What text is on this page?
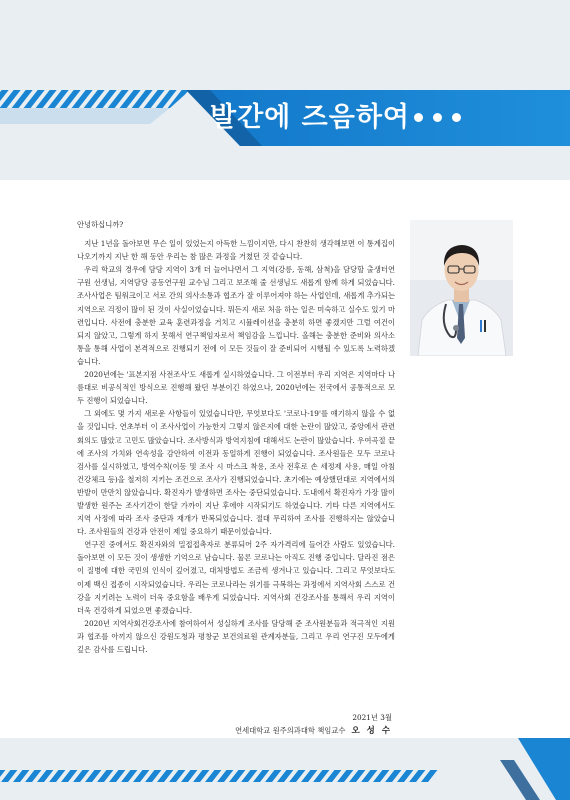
발간에 즈음하여

안녕하십니까?

지난 1년을 돌아보면 무슨 일이 있었는지 아득한 느낌이지만, 다시 찬찬히 생각해보면 이 통계집이 나오기까지 지난 한 해 동안 우리는 참 많은 과정을 거쳤던 것 같습니다.

우리 학교의 경우에 담당 지역이 3개 더 늘어나면서 그 지역(강릉, 동해, 삼척)을 담당할 출생터연구원 선생님, 지역담당 공동연구원 교수님 그리고 보조해 줄 선생님도 새롭게 함께 하게 되었습니다. 조사사업은 팀워크이고 서로 간의 의사소통과 협조가 잘 이루어져야 하는 사업인데, 새롭게 추가되는 지역으로 걱정이 많이 된 것이 사실이었습니다. 뭐든지 새로 처음 하는 일은 미숙하고 실수도 있기 마련입니다. 사전에 충분한 교육 훈련과정을 거치고 시뮬레이션을 충분히 하면 좋겠지만 그럴 여건이 되지 않았고, 그렇게 하지 못해서 연구책임자로서 책임감을 느낍니다. 올해는 충분한 준비와 의사소통을 통해 사업이 본격적으로 진행되기 전에 이 모든 것들이 잘 준비되어 시행될 수 있도록 노력하겠습니다.

2020년에는 '표본지점 사전조사'도 새롭게 실시하였습니다. 그 이전부터 우리 지역은 지역마다 나름대로 비공식적인 방식으로 진행해 왔던 부분이긴 하였으나, 2020년에는 전국에서 공통적으로 모두 진행이 되었습니다.

그 외에도 몇 가지 새로운 사항들이 있었습니다만, 무엇보다도 '코로나-19'를 얘기하지 않을 수 없을 것입니다. 연초부터 이 조사사업이 가능한지 그렇지 않은지에 대한 논란이 많았고, 중앙에서 관련 회의도 많았고 고민도 많았습니다. 조사방식과 방역지침에 대해서도 논란이 많았습니다. 우여곡절 끝에 조사의 가치와 연속성을 감안하여 이전과 동일하게 진행이 되었습니다. 조사원들은 모두 코로나 검사를 실시하였고, 방역수칙(이동 및 조사 시 마스크 착용, 조사 전후로 손 세정제 사용, 매일 아침 건강체크 등)을 철저히 지키는 조건으로 조사가 진행되었습니다. 초기에는 예상했던대로 지역에서의 반발이 만만치 않았습니다. 확진자가 발생하면 조사는 중단되었습니다. 도내에서 확진자가 가장 많이 발생한 원주는 조사기간이 한달 가까이 지난 후에야 시작되기도 하였습니다. 기타 다른 지역에서도 지역 사정에 따라 조사 중단과 재개가 반복되었습니다. 절대 무리하여 조사를 진행하지는 않았습니다. 조사원들의 건강과 안전이 제일 중요하기 때문이었습니다.

연구진 중에서도 확진자와의 밀접접촉자로 분류되어 2주 자가격리에 들어간 사람도 있었습니다. 돌아보면 이 모든 것이 생생한 기억으로 남습니다. 물론 코로나는 아직도 진행 중입니다. 달라진 점은 이 질병에 대한 국민의 인식이 깊어졌고, 대처방법도 조금씩 생겨나고 있습니다. 그리고 무엇보다도 이제 백신 접종이 시작되었습니다. 우리는 코로나라는 위기를 극복하는 과정에서 지역사회 스스로 건강을 지키려는 노력이 더욱 중요함을 배우게 되었습니다. 지역사회 건강조사를 통해서 우리 지역이 더욱 건강하게 되었으면 좋겠습니다.

2020년 지역사회건강조사에 참여하여서 성실하게 조사를 담당해 준 조사원분들과 적극적인 지원과 협조를 아끼지 않으신 강원도청과 평창군 보건의료원 관계자분들, 그리고 우리 연구진 모두에게 깊은 감사를 드립니다.

2021년 3월
연세대학교 원주의과대학 책임교수 오 성 수
